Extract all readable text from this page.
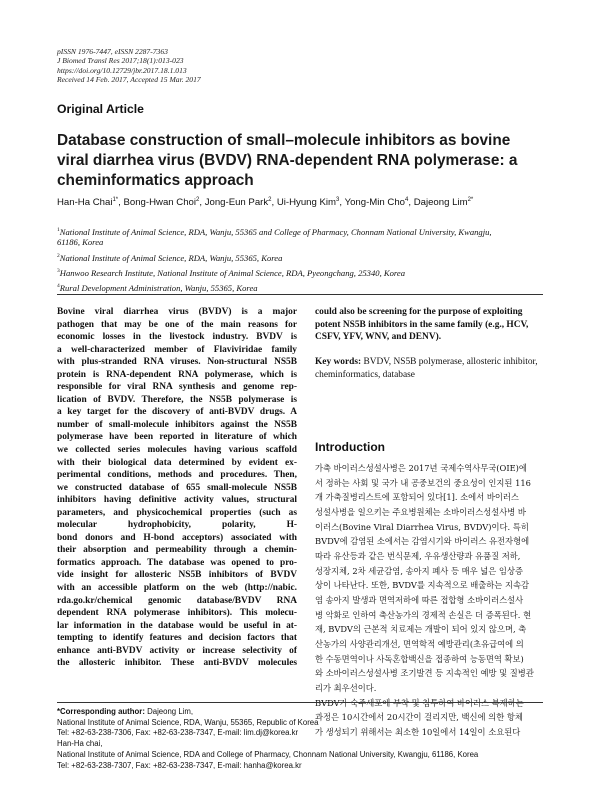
pISSN 1976-7447, eISSN 2287-7363
J Biomed Transl Res 2017;18(1):013-023
https://doi.org/10.12729/jbr.2017.18.1.013
Received 14 Feb. 2017, Accepted 15 Mar. 2017
Original Article
Database construction of small–molecule inhibitors as bovine
viral diarrhea virus (BVDV) RNA-dependent RNA polymerase: a
cheminformatics approach
Han-Ha Chai$^{1*}$, Bong-Hwan Choi$^2$, Jong-Eun Park$^2$, Ui-Hyung Kim$^3$, Yong-Min Cho$^4$, Dajeong Lim$^{2*}$
$^1$National Institute of Animal Science, RDA, Wanju, 55365 and College of Pharmacy, Chonnam National University, Kwangju,
61186, Korea
$^2$National Institute of Animal Science, RDA, Wanju, 55365, Korea
$^3$Hanwoo Research Institute, National Institute of Animal Science, RDA, Pyeongchang, 25340, Korea
$^4$Rural Development Administration, Wanju, 55365, Korea
Bovine viral diarrhea virus (BVDV) is a major
pathogen that may be one of the main reasons for
economic losses in the livestock industry. BVDV is
a well-characterized member of Flaviviridae family
with plus-stranded RNA viruses. Non-structural NS5B
protein is RNA-dependent RNA polymerase, which is
responsible for viral RNA synthesis and genome rep-
lication of BVDV. Therefore, the NS5B polymerase is
a key target for the discovery of anti-BVDV drugs. A
number of small-molecule inhibitors against the NS5B
polymerase have been reported in literature of which
we collected series molecules having various scaffold
with their biological data determined by evident ex-
perimental conditions, methods and procedures. Then,
we constructed database of 655 small-molecule NS5B
inhibitors having definitive activity values, structural
parameters, and physicochemical properties (such as
molecular hydrophobicity, polarity, H-
bond donors and H-bond acceptors) associated with
their absorption and permeability through a chemin-
formatics approach. The database was opened to pro-
vide insight for allosteric NS5B inhibitors of BVDV
with an accessible platform on the web (http://nabic.
rda.go.kr/chemical genomic database/BVDV RNA
dependent RNA polymerase inhibitors). This molecu-
lar information in the database would be useful in at-
tempting to identify features and decision factors that
enhance anti-BVDV activity or increase selectivity of
the allosteric inhibitor. These anti-BVDV molecules
could also be screening for the purpose of exploiting
potent NS5B inhibitors in the same family (e.g., HCV,
CSFV, YFV, WNV, and DENV).
Key words: BVDV, NS5B polymerase, allosteric inhibitor,
cheminformatics, database
Introduction
가축 바이러스성설사병은 2017년 국제수역사무국(OIE)에
서 정하는 사회 및 국가 내 공중보건의 중요성이 인지된 116
개 가축질병리스트에 포함되어 있다[1]. 소에서 바이러스
성설사병을 일으키는 주요병원체는 소바이러스성설사병 바
이러스(Bovine Viral Diarrhea Virus, BVDV)이다. 특히
BVDV에 감염된 소에서는 감염시기와 바이러스 유전자형에
따라 유산등과 같은 번식문제, 우유생산량과 유품질 저하,
성장지체, 2차 세균감염, 송아지 폐사 등 매우 넓은 임상증
상이 나타난다. 또한, BVDV를 지속적으로 배출하는 지속감
염 송아지 발생과 면역저하에 따른 접합형 소바이러스설사
병 악화로 인하여 축산농가의 경제적 손실은 더 증폭된다. 현
재, BVDV의 근본적 치료제는 개발이 되어 있지 않으며, 축
산농가의 사양관리개선, 면역학적 예방관리(초유급여에 의
한 수동면역이나 사독혼합백신을 접종하여 능동면역 확보)
와 소바이러스성설사병 조기발견 등 지속적인 예방 및 질병관
리가 최우선이다.
BVDV가 숙주세포에 부착 및 침투하여 바이러스 복제하는
과정은 10시간에서 20시간이 걸리지만, 백신에 의한 항체
가 생성되기 위해서는 최소한 10일에서 14일이 소요된다
*Corresponding author: Dajeong Lim,
National Institute of Animal Science, RDA, Wanju, 55365, Republic of Korea
Tel: +82-63-238-7306, Fax: +82-63-238-7347, E-mail: lim.dj@korea.kr
Han-Ha chai,
National Institute of Animal Science, RDA and College of Pharmacy, Chonnam National University, Kwangju, 61186, Korea
Tel: +82-63-238-7307, Fax: +82-63-238-7347, E-mail: hanha@korea.kr
